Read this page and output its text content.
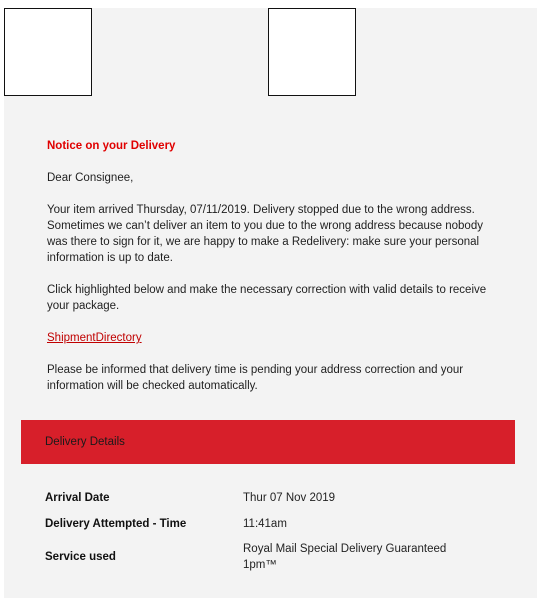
Notice on your Delivery
Dear Consignee,
Your item arrived Thursday, 07/11/2019. Delivery stopped due to the wrong address. Sometimes we can’t deliver an item to you due to the wrong address because nobody was there to sign for it, we are happy to make a Redelivery: make sure your personal information is up to date.
Click highlighted below and make the necessary correction with valid details to receive your package.
ShipmentDirectory
Please be informed that delivery time is pending your address correction and your information will be checked automatically.
Delivery Details
Arrival Date	Thur 07 Nov 2019
Delivery Attempted - Time	11:41am
Service used
Royal Mail Special Delivery Guaranteed 1pm™
